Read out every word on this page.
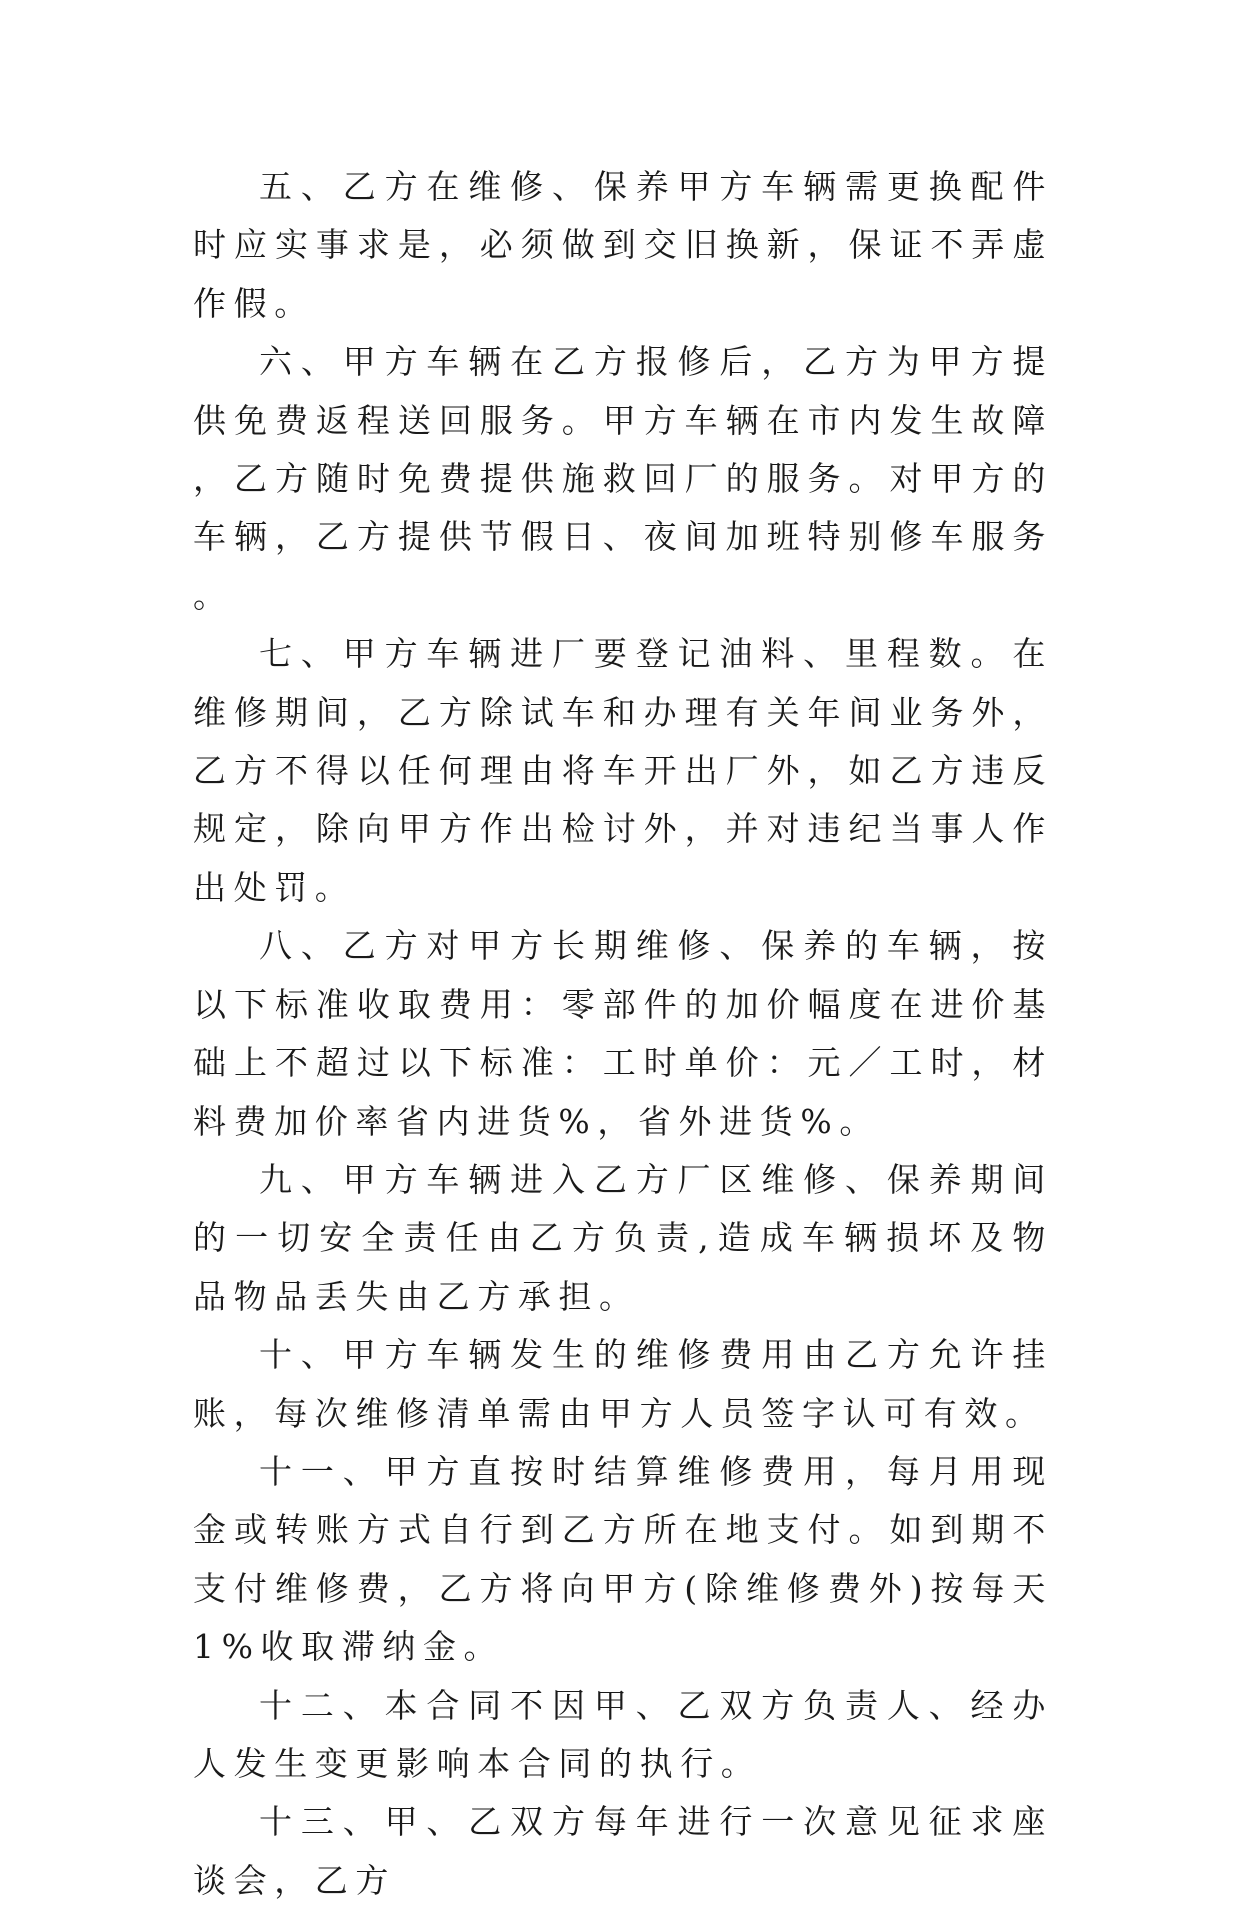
五、乙方在维修、保养甲方车辆需更换配件时应实事求是，必须做到交旧换新，保证不弄虚作假。

六、甲方车辆在乙方报修后，乙方为甲方提供免费返程送回服务。甲方车辆在市内发生故障，乙方随时免费提供施救回厂的服务。对甲方的车辆，乙方提供节假日、夜间加班特别修车服务。

七、甲方车辆进厂要登记油料、里程数。在维修期间，乙方除试车和办理有关年间业务外，乙方不得以任何理由将车开出厂外，如乙方违反规定，除向甲方作出检讨外，并对违纪当事人作出处罚。

八、乙方对甲方长期维修、保养的车辆，按以下标准收取费用：零部件的加价幅度在进价基础上不超过以下标准：工时单价：元／工时，材料费加价率省内进货%，省外进货%。

九、甲方车辆进入乙方厂区维修、保养期间的一切安全责任由乙方负责,造成车辆损坏及物品物品丢失由乙方承担。

十、甲方车辆发生的维修费用由乙方允许挂账，每次维修清单需由甲方人员签字认可有效。

十一、甲方直按时结算维修费用，每月用现金或转账方式自行到乙方所在地支付。如到期不支付维修费，乙方将向甲方(除维修费外)按每天 1%收取滞纳金。

十二、本合同不因甲、乙双方负责人、经办人发生变更影响本合同的执行。

十三、甲、乙双方每年进行一次意见征求座谈会，乙方
